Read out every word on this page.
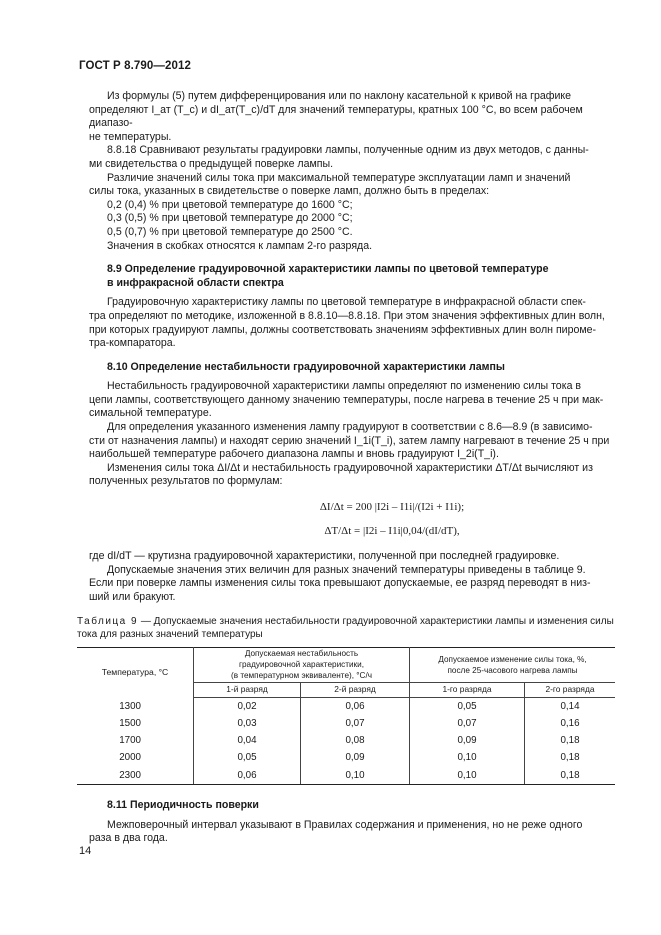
ГОСТ Р 8.790—2012

Из формулы (5) путем дифференцирования или по наклону касательной к кривой на графике

определяют I_ат (T_с) и dI_ат(T_с)/dT для значений температуры, кратных 100 °С, во всем рабочем диапазо-

не температуры.

8.8.18 Сравнивают результаты градуировки лампы, полученные одним из двух методов, с данны-

ми свидетельства о предыдущей поверке лампы.

Различие значений силы тока при максимальной температуре эксплуатации ламп и значений

силы тока, указанных в свидетельстве о поверке ламп, должно быть в пределах:

0,2 (0,4) % при цветовой температуре до 1600 °С;

0,3 (0,5) % при цветовой температуре до 2000 °С;

0,5 (0,7) % при цветовой температуре до 2500 °С.

Значения в скобках относятся к лампам 2-го разряда.

8.9 Определение градуировочной характеристики лампы по цветовой температуре
в инфракрасной области спектра

Градуировочную характеристику лампы по цветовой температуре в инфракрасной области спек-

тра определяют по методике, изложенной в 8.8.10—8.8.18. При этом значения эффективных длин волн,

при которых градуируют лампы, должны соответствовать значениям эффективных длин волн пиромe-

тра-компаратора.

8.10 Определение нестабильности градуировочной характеристики лампы

Нестабильность градуировочной характеристики лампы определяют по изменению силы тока в

цепи лампы, соответствующего данному значению температуры, после нагрева в течение 25 ч при мак-

симальной температуре.

Для определения указанного изменения лампу градуируют в соответствии с 8.6—8.9 (в зависимо-

сти от назначения лампы) и находят серию значений I_1i(T_i), затем лампу нагревают в течение 25 ч при

наибольшей температуре рабочего диапазона лампы и вновь градуируют I_2i(T_i).

Изменения силы тока ΔI/Δt и нестабильность градуировочной характеристики ΔT/Δt вычисляют из

полученных результатов по формулам:

ΔI/Δt = 200 |I2i – I1i|/(I2i + I1i);

ΔT/Δt = |I2i – I1i|0,04/(dI/dT),

где dI/dT — крутизна градуировочной характеристики, полученной при последней градуировке.

Допускаемые значения этих величин для разных значений температуры приведены в таблице 9.

Если при поверке лампы изменения силы тока превышают допускаемые, ее разряд переводят в низ-

ший или бракуют.

Таблица 9 — Допускаемые значения нестабильности градуировочной характеристики лампы и изменения силы
тока для разных значений температуры

Температура, °С	Допускаемая нестабильность
градуировочной характеристики,
(в температурном эквиваленте), °С/ч		Допускаемое изменение силы тока, %,
после 25-часового нагрева лампы	
	1-й разряд	2-й разряд	1-го разряда	2-го разряда
1300	0,02	0,06	0,05	0,14
1500	0,03	0,07	0,07	0,16
1700	0,04	0,08	0,09	0,18
2000	0,05	0,09	0,10	0,18
2300	0,06	0,10	0,10	0,18

8.11 Периодичность поверки

Межповерочный интервал указывают в Правилах содержания и применения, но не реже одного

раза в два года.

14
